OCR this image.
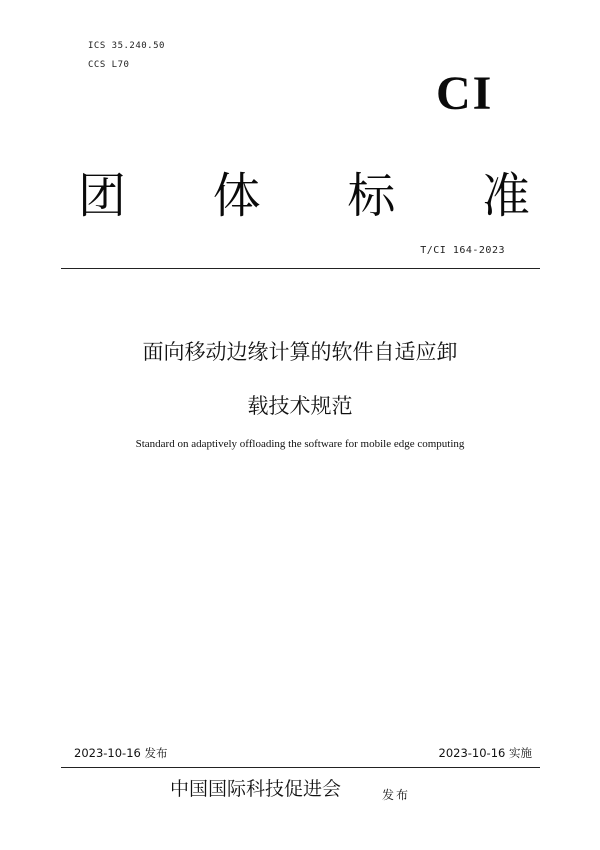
ICS 35.240.50
CCS L70
CI
团 体 标 准
T/CI 164-2023
面向移动边缘计算的软件自适应卸
载技术规范
Standard on adaptively offloading the software for mobile edge computing
2023-10-16 发布	2023-10-16 实施
中国国际科技促进会	发布
